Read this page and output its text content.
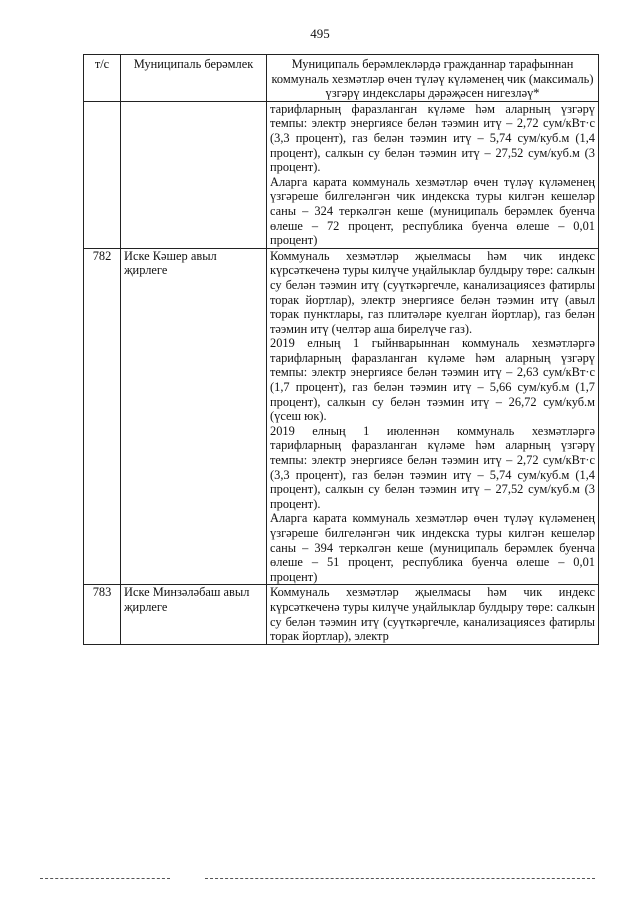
495
т/с	Муниципаль берәмлек	Муниципаль берәмлекләрдә гражданнар тарафыннан коммуналь хезмәтләр өчен түләү күләменең чик (максималь) үзгәрү индекслары дәрәҗәсен нигезләү*

		тарифларның фаразланган күләме һәм аларның үзгәрү темпы: электр энергиясе белән тәэмин итү – 2,72 сум/кВт·с (3,3 процент), газ белән тәэмин итү – 5,74 сум/куб.м (1,4 процент), салкын су белән тәэмин итү – 27,52 сум/куб.м (3 процент).

Аларга карата коммуналь хезмәтләр өчен түләү күләменең үзгәреше билгеләнгән чик индекска туры килгән кешеләр саны – 324 теркәлгән кеше (муниципаль берәмлек буенча өлеше – 72 процент, республика буенча өлеше – 0,01 процент)

782	Иске Кәшер авыл җирлеге	Коммуналь хезмәтләр җыелмасы һәм чик индекс күрсәткеченә туры килүче уңайлыклар булдыру төре: салкын су белән тәэмин итү (суүткәргечле, канализациясез фатирлы торак йортлар), электр энергиясе белән тәэмин итү (авыл торак пунктлары, газ плитәләре куелган йортлар), газ белән тәэмин итү (челтәр аша бирелүче газ).

2019 елның 1 гыйнварыннан коммуналь хезмәтләргә тарифларның фаразланган күләме һәм аларның үзгәрү темпы: электр энергиясе белән тәэмин итү – 2,63 сум/кВт·с (1,7 процент), газ белән тәэмин итү – 5,66 сум/куб.м (1,7 процент), салкын су белән тәэмин итү – 26,72 сум/куб.м (үсеш юк).

2019 елның 1 июленнән коммуналь хезмәтләргә тарифларның фаразланган күләме һәм аларның үзгәрү темпы: электр энергиясе белән тәэмин итү – 2,72 сум/кВт·с (3,3 процент), газ белән тәэмин итү – 5,74 сум/куб.м (1,4 процент), салкын су белән тәэмин итү – 27,52 сум/куб.м (3 процент).

Аларга карата коммуналь хезмәтләр өчен түләү күләменең үзгәреше билгеләнгән чик индекска туры килгән кешеләр саны – 394 теркәлгән кеше (муниципаль берәмлек буенча өлеше – 51 процент, республика буенча өлеше – 0,01 процент)

783	Иске Минзәләбаш авыл җирлеге	Коммуналь хезмәтләр җыелмасы һәм чик индекс күрсәткеченә туры килүче уңайлыклар булдыру төре: салкын су белән тәэмин итү (суүткәргечле, канализациясез фатирлы торак йортлар), электр
